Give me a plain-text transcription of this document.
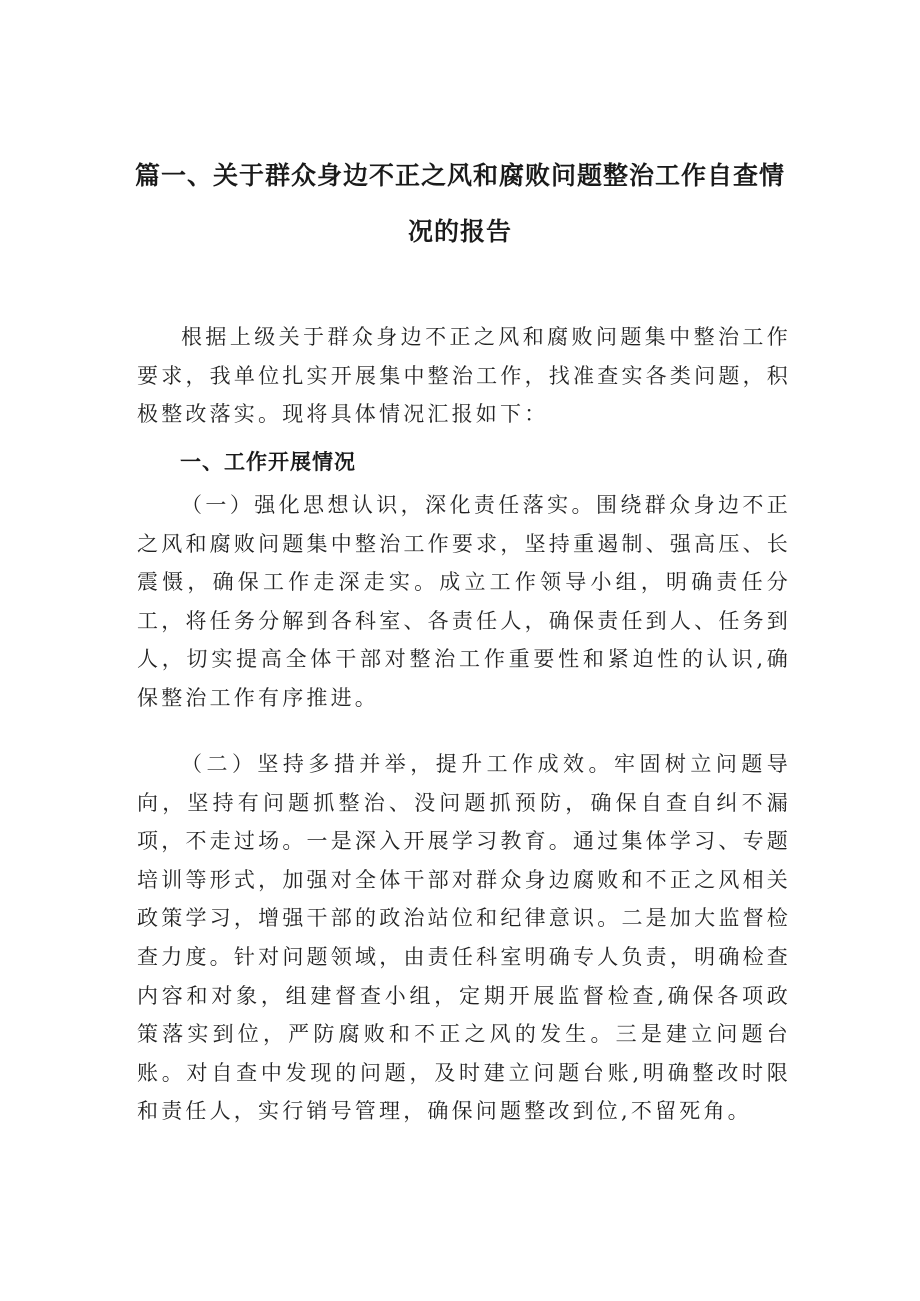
篇一、关于群众身边不正之风和腐败问题整治工作自查情
况的报告

根据上级关于群众身边不正之风和腐败问题集中整治工作要求，我单位扎实开展集中整治工作，找准查实各类问题，积极整改落实。现将具体情况汇报如下：

一、工作开展情况

（一）强化思想认识，深化责任落实。围绕群众身边不正之风和腐败问题集中整治工作要求，坚持重遏制、强高压、长震慑，确保工作走深走实。成立工作领导小组，明确责任分工，将任务分解到各科室、各责任人，确保责任到人、任务到人，切实提高全体干部对整治工作重要性和紧迫性的认识,确保整治工作有序推进。

（二）坚持多措并举，提升工作成效。牢固树立问题导向，坚持有问题抓整治、没问题抓预防，确保自查自纠不漏项，不走过场。一是深入开展学习教育。通过集体学习、专题培训等形式，加强对全体干部对群众身边腐败和不正之风相关政策学习，增强干部的政治站位和纪律意识。二是加大监督检查力度。针对问题领域，由责任科室明确专人负责，明确检查内容和对象，组建督查小组，定期开展监督检查,确保各项政策落实到位，严防腐败和不正之风的发生。三是建立问题台账。对自查中发现的问题，及时建立问题台账,明确整改时限和责任人，实行销号管理，确保问题整改到位,不留死角。
